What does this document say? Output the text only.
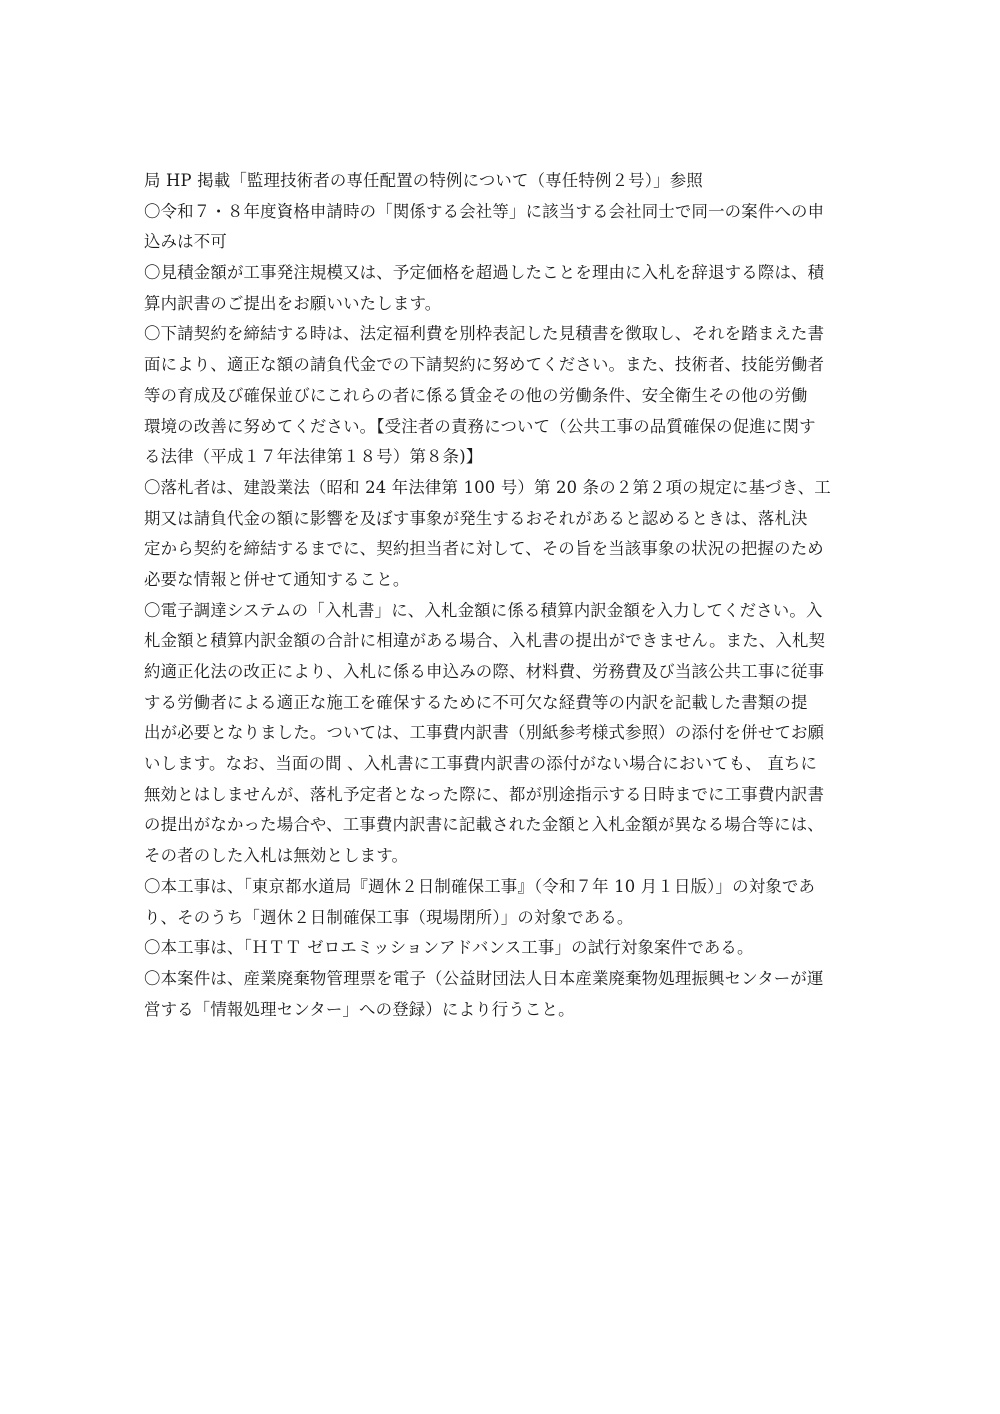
局 HP 掲載「監理技術者の専任配置の特例について（専任特例２号）」参照
〇令和７・８年度資格申請時の「関係する会社等」に該当する会社同士で同一の案件への申
込みは不可
〇見積金額が工事発注規模又は、予定価格を超過したことを理由に入札を辞退する際は、積
算内訳書のご提出をお願いいたします。
〇下請契約を締結する時は、法定福利費を別枠表記した見積書を徴取し、それを踏まえた書
面により、適正な額の請負代金での下請契約に努めてください。また、技術者、技能労働者
等の育成及び確保並びにこれらの者に係る賃金その他の労働条件、安全衛生その他の労働
環境の改善に努めてください。【受注者の責務について（公共工事の品質確保の促進に関す
る法律（平成１７年法律第１８号）第８条)】
〇落札者は、建設業法（昭和 24 年法律第 100 号）第 20 条の２第２項の規定に基づき、工
期又は請負代金の額に影響を及ぼす事象が発生するおそれがあると認めるときは、落札決
定から契約を締結するまでに、契約担当者に対して、その旨を当該事象の状況の把握のため
必要な情報と併せて通知すること。
〇電子調達システムの「入札書」に、入札金額に係る積算内訳金額を入力してください。入
札金額と積算内訳金額の合計に相違がある場合、入札書の提出ができません。また、入札契
約適正化法の改正により、入札に係る申込みの際、材料費、労務費及び当該公共工事に従事
する労働者による適正な施工を確保するために不可欠な経費等の内訳を記載した書類の提
出が必要となりました。ついては、工事費内訳書（別紙参考様式参照）の添付を併せてお願
いします。なお、当面の間 、入札書に工事費内訳書の添付がない場合においても、 直ちに
無効とはしませんが、落札予定者となった際に、都が別途指示する日時までに工事費内訳書
の提出がなかった場合や、工事費内訳書に記載された金額と入札金額が異なる場合等には、
その者のした入札は無効とします。
〇本工事は、「東京都水道局『週休２日制確保工事』（令和７年 10 月１日版）」の対象であ
り、そのうち「週休２日制確保工事（現場閉所）」の対象である。
〇本工事は、「ＨＴＴ ゼロエミッションアドバンス工事」の試行対象案件である。
〇本案件は、産業廃棄物管理票を電子（公益財団法人日本産業廃棄物処理振興センターが運
営する「情報処理センター」への登録）により行うこと。
